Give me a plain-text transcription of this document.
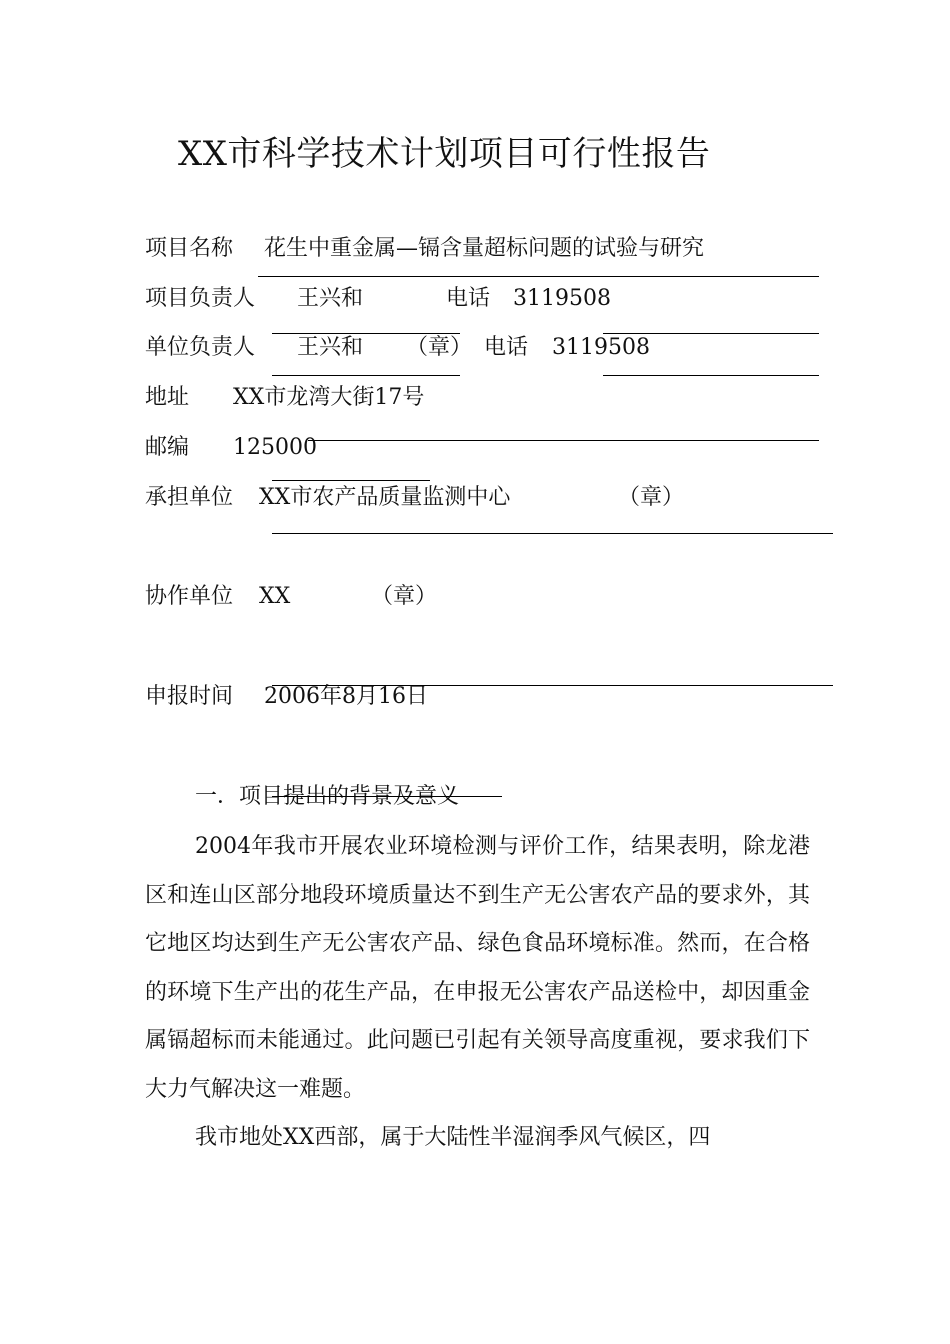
XX市科学技术计划项目可行性报告
项目名称 花生中重金属—镉含量超标问题的试验与研究
项目负责人 王兴和	电话 3119508
单位负责人 王兴和 （章） 电话 3119508
地址 XX市龙湾大街17号
邮编 125000
承担单位 XX市农产品质量监测中心	（章）
协作单位 XX	（章）
申报时间 2006年8月16日
一．项目提出的背景及意义

2004年我市开展农业环境检测与评价工作，结果表明，除龙港区和连山区部分地段环境质量达不到生产无公害农产品的要求外，其它地区均达到生产无公害农产品、绿色食品环境标准。然而，在合格的环境下生产出的花生产品，在申报无公害农产品送检中，却因重金属镉超标而未能通过。此问题已引起有关领导高度重视，要求我们下大力气解决这一难题。

我市地处XX西部，属于大陆性半湿润季风气候区，四
